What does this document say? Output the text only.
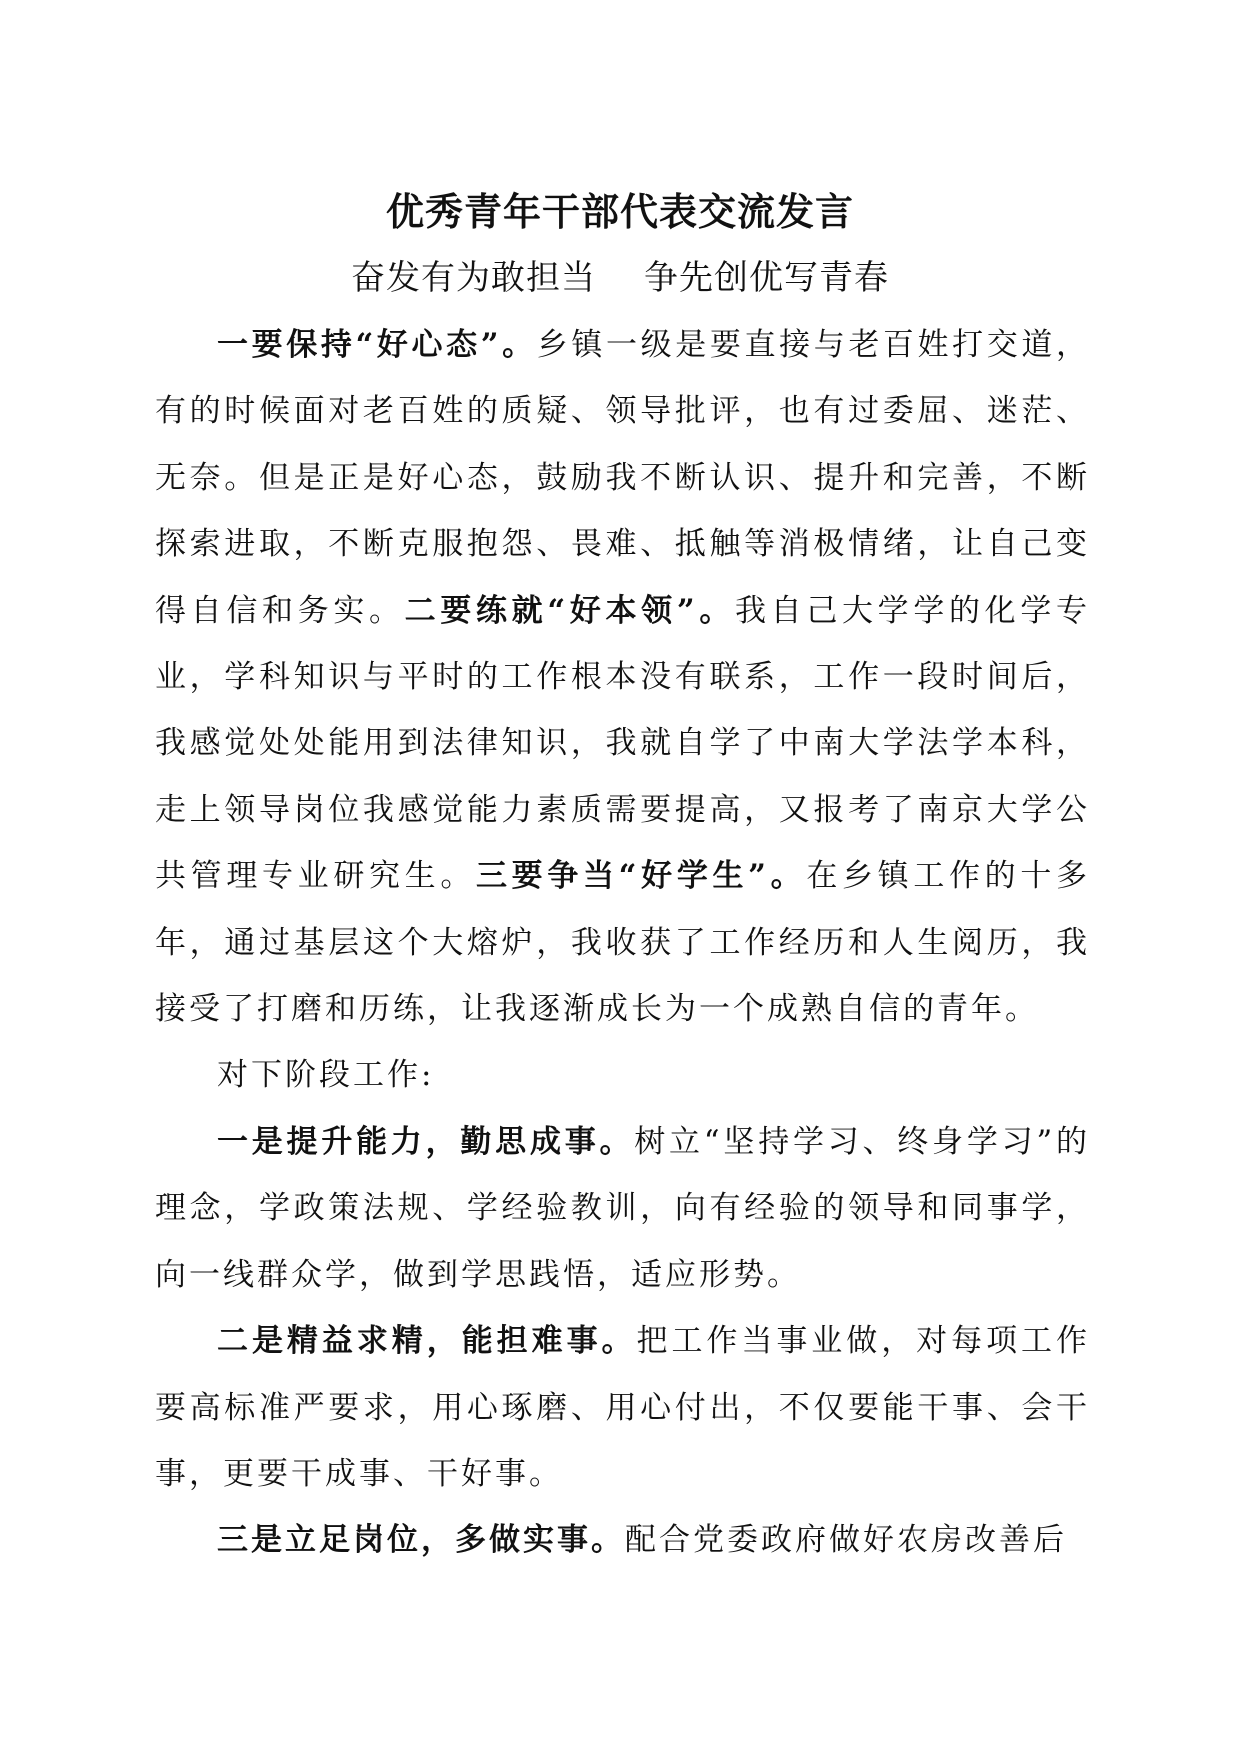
优秀青年干部代表交流发言
奋发有为敢担当 争先创优写青春

一要保持“好心态”。乡镇一级是要直接与老百姓打交道，有的时候面对老百姓的质疑、领导批评，也有过委屈、迷茫、无奈。但是正是好心态，鼓励我不断认识、提升和完善，不断探索进取，不断克服抱怨、畏难、抵触等消极情绪，让自己变得自信和务实。二要练就“好本领”。我自己大学学的化学专业，学科知识与平时的工作根本没有联系，工作一段时间后，我感觉处处能用到法律知识，我就自学了中南大学法学本科，走上领导岗位我感觉能力素质需要提高，又报考了南京大学公共管理专业研究生。三要争当“好学生”。在乡镇工作的十多年，通过基层这个大熔炉，我收获了工作经历和人生阅历，我接受了打磨和历练，让我逐渐成长为一个成熟自信的青年。

对下阶段工作:

一是提升能力，勤思成事。树立“坚持学习、终身学习”的理念，学政策法规、学经验教训，向有经验的领导和同事学，向一线群众学，做到学思践悟，适应形势。

二是精益求精，能担难事。把工作当事业做，对每项工作要高标准严要求，用心琢磨、用心付出，不仅要能干事、会干事，更要干成事、干好事。

三是立足岗位，多做实事。配合党委政府做好农房改善后
